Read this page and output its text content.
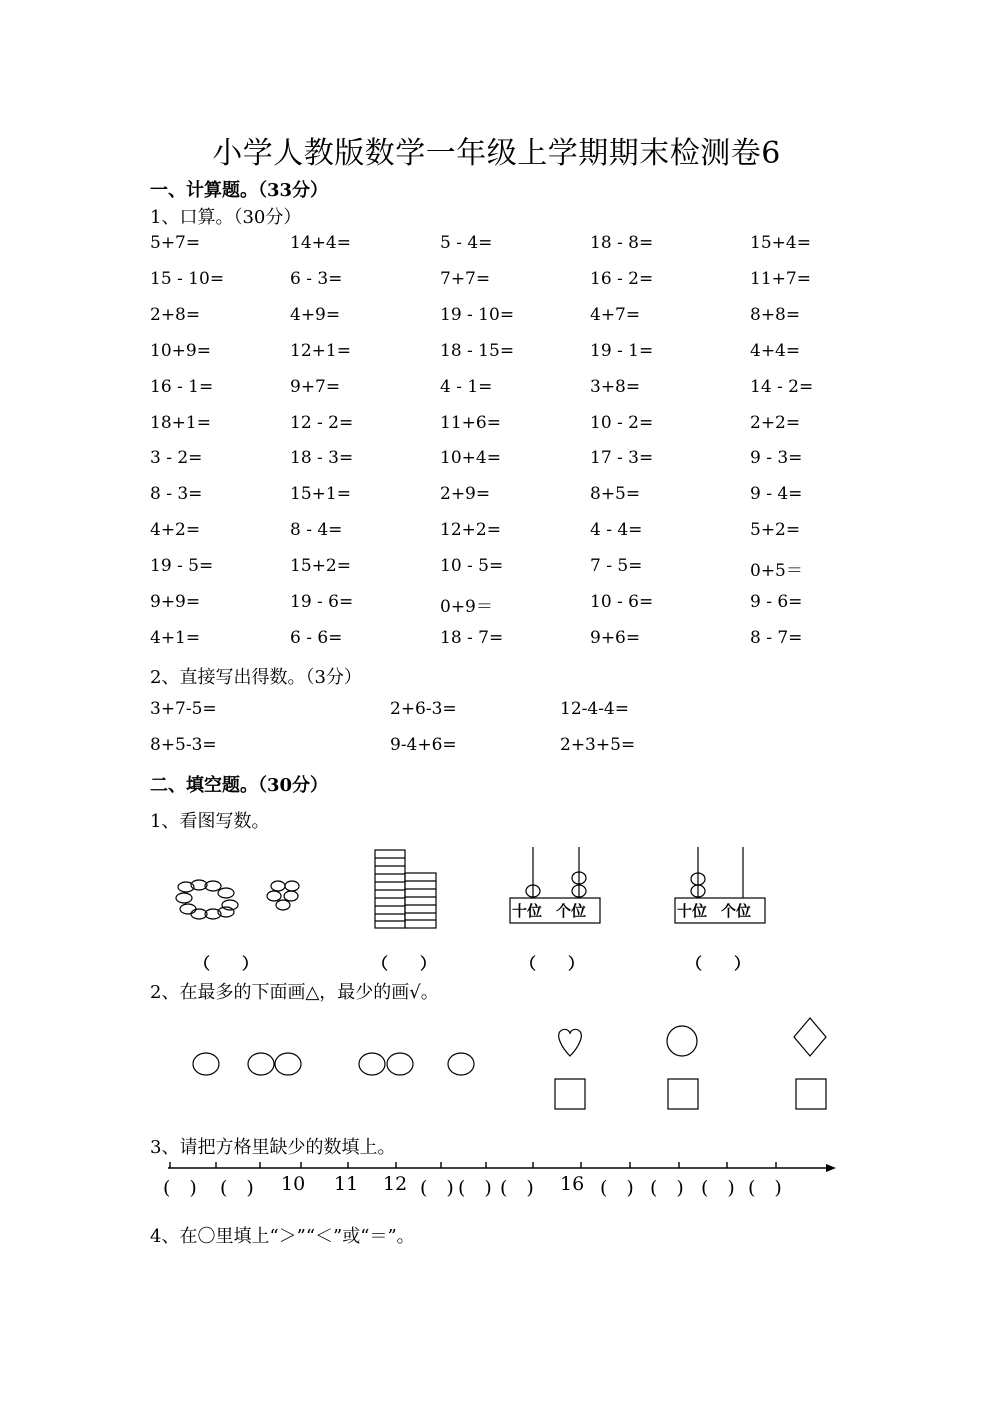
小学人教版数学一年级上学期期末检测卷6
一、计算题。（33分）
1、口算。（30分）
5+7=	14+4=	5 - 4=	18 - 8=	15+4=
15 - 10=	6 - 3=	7+7=	16 - 2=	11+7=
2+8=	4+9=	19 - 10=	4+7=	8+8=
10+9=	12+1=	18 - 15=	19 - 1=	4+4=
16 - 1=	9+7=	4 - 1=	3+8=	14 - 2=
18+1=	12 - 2=	11+6=	10 - 2=	2+2=
3 - 2=	18 - 3=	10+4=	17 - 3=	9 - 3=
8 - 3=	15+1=	2+9=	8+5=	9 - 4=
4+2=	8 - 4=	12+2=	4 - 4=	5+2=
19 - 5=	15+2=	10 - 5=	7 - 5=	0+5＝
9+9=	19 - 6=	0+9＝	10 - 6=	9 - 6=
4+1=	6 - 6=	18 - 7=	9+6=	8 - 7=
2、直接写出得数。（3分）
3+7-5=	2+6-3=	12-4-4=
8+5-3=	9-4+6=	2+3+5=
二、填空题。（30分）
1、看图写数。
十位 个位	十位 个位
（　　）	（　　）	（　　）	（　　）
2、在最多的下面画△，最少的画√。
3、请把方格里缺少的数填上。
(　) (　) 10 11 12 (　) (　) (　) 16 (　) (　) (　) (　)
4、在〇里填上“＞”“＜”或“＝”。
